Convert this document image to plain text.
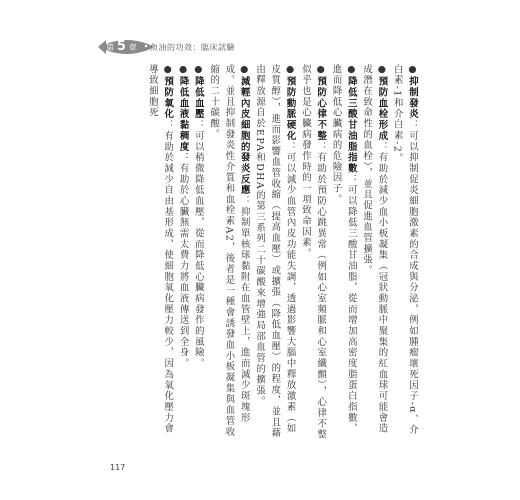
第 5 章 魚油的功效：臨床試驗

●抑制發炎：可以抑制促炎細胞激素的合成與分泌，例如腫瘤壞死因子-α、介白素-1和介白素-2。

●預防血栓形成：有助於減少血小板凝集（冠狀動脈中聚集的紅血球可能會造成潛在致命性的血栓），並且促進血管擴張。

●降低三酸甘油脂指數：可以降低三酸甘油脂，從而增加高密度脂蛋白指數，進而降低心臟病的危險因子。

●預防心律不整：有助於預防心跳異常（例如心室頻脈和心室纖顫），心律不整似乎也是心臟病發作時的一項致命因素。

●預防動脈硬化：可以減少血管內皮功能失調，透過影響大腦中釋放激素（如皮質醇），進而影響血管收縮（提高血壓）或擴張（降低血壓）的程度，並且藉由釋放源自於EPA和DHA的第三系列二十碳酸來增強局部血管的擴張。

●減輕內皮細胞的發炎反應：抑制單核球黏附在血管壁上，進而減少斑塊形成。並且抑制發炎性介質和血栓素A2，後者是一種會誘發血小板凝集與血管收縮的二十碳酸。

●降低血壓：可以稍微降低血壓，從而降低心臟病發作的風險。

●降低血液黏稠度：有助於心臟無需太費力將血液傳送到全身。

●預防氧化：有助於減少自由基形成，使細胞氧化壓力較少，因為氧化壓力會導致細胞死

117
